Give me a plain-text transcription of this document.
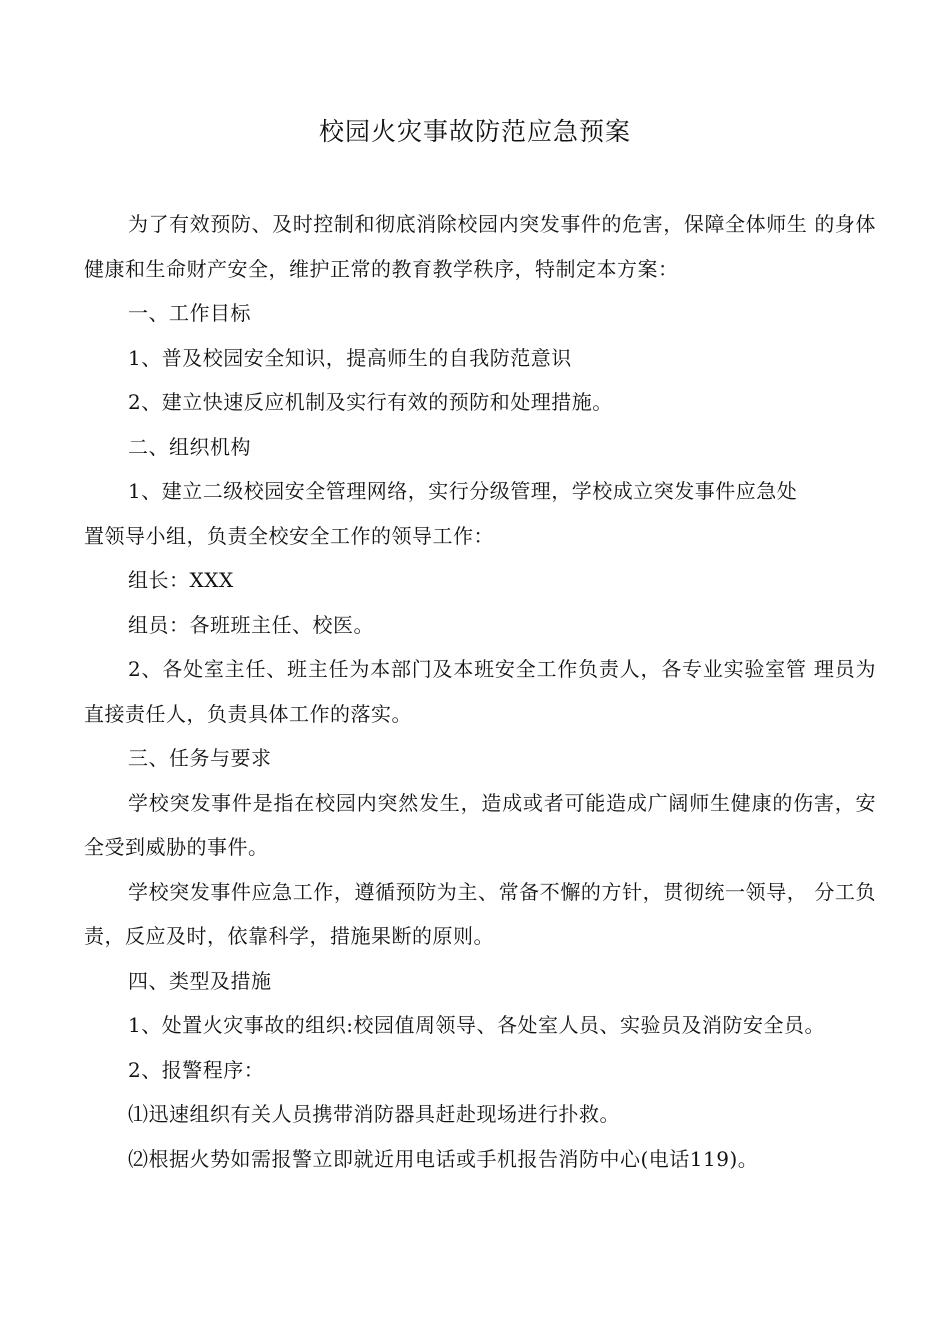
校园火灾事故防范应急预案

为了有效预防、及时控制和彻底消除校园内突发事件的危害，保障全体师生 的身体健康和生命财产安全，维护正常的教育教学秩序，特制定本方案：

一、工作目标

1、普及校园安全知识，提高师生的自我防范意识

2、建立快速反应机制及实行有效的预防和处理措施。

二、组织机构

1、建立二级校园安全管理网络，实行分级管理，学校成立突发事件应急处

置领导小组，负责全校安全工作的领导工作：

组长：XXX

组员：各班班主任、校医。

2、各处室主任、班主任为本部门及本班安全工作负责人，各专业实验室管 理员为直接责任人，负责具体工作的落实。

三、任务与要求

学校突发事件是指在校园内突然发生，造成或者可能造成广阔师生健康的伤害，安全受到威胁的事件。

学校突发事件应急工作，遵循预防为主、常备不懈的方针，贯彻统一领导， 分工负责，反应及时，依靠科学，措施果断的原则。

四、类型及措施

1、处置火灾事故的组织:校园值周领导、各处室人员、实验员及消防安全员。

2、报警程序：

⑴迅速组织有关人员携带消防器具赶赴现场进行扑救。

⑵根据火势如需报警立即就近用电话或手机报告消防中心(电话119)。
